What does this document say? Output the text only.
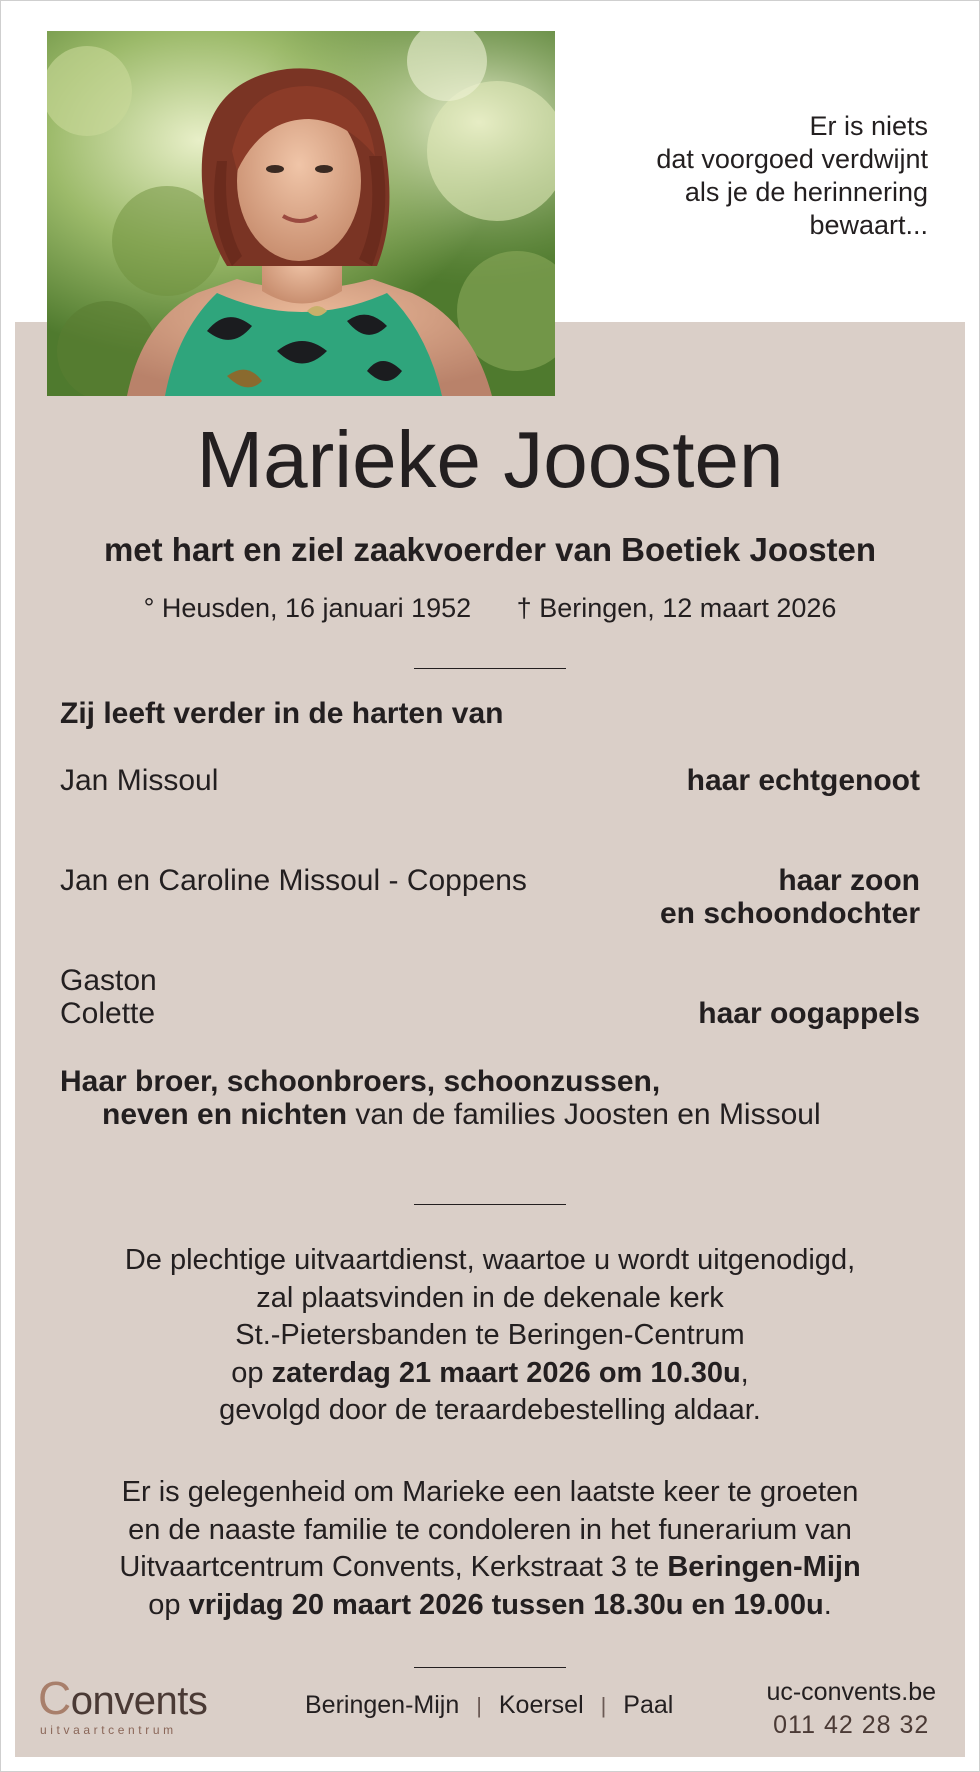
Er is niets
dat voorgoed verdwijnt
als je de herinnering
bewaart...
Marieke Joosten
met hart en ziel zaakvoerder van Boetiek Joosten
° Heusden, 16 januari 1952 † Beringen, 12 maart 2026
Zij leeft verder in de harten van
Jan Missoul	haar echtgenoot
Jan en Caroline Missoul - Coppens	haar zoon
en schoondochter
Gaston
Colette	haar oogappels
Haar broer, schoonbroers, schoonzussen,
neven en nichten van de families Joosten en Missoul
De plechtige uitvaartdienst, waartoe u wordt uitgenodigd,
zal plaatsvinden in de dekenale kerk
St.-Pietersbanden te Beringen-Centrum
op zaterdag 21 maart 2026 om 10.30u,
gevolgd door de teraardebestelling aldaar.
Er is gelegenheid om Marieke een laatste keer te groeten
en de naaste familie te condoleren in het funerarium van
Uitvaartcentrum Convents, Kerkstraat 3 te Beringen-Mijn
op vrijdag 20 maart 2026 tussen 18.30u en 19.00u.
Convents
uitvaartcentrum
Beringen-Mijn | Koersel | Paal	uc-convents.be
011 42 28 32
